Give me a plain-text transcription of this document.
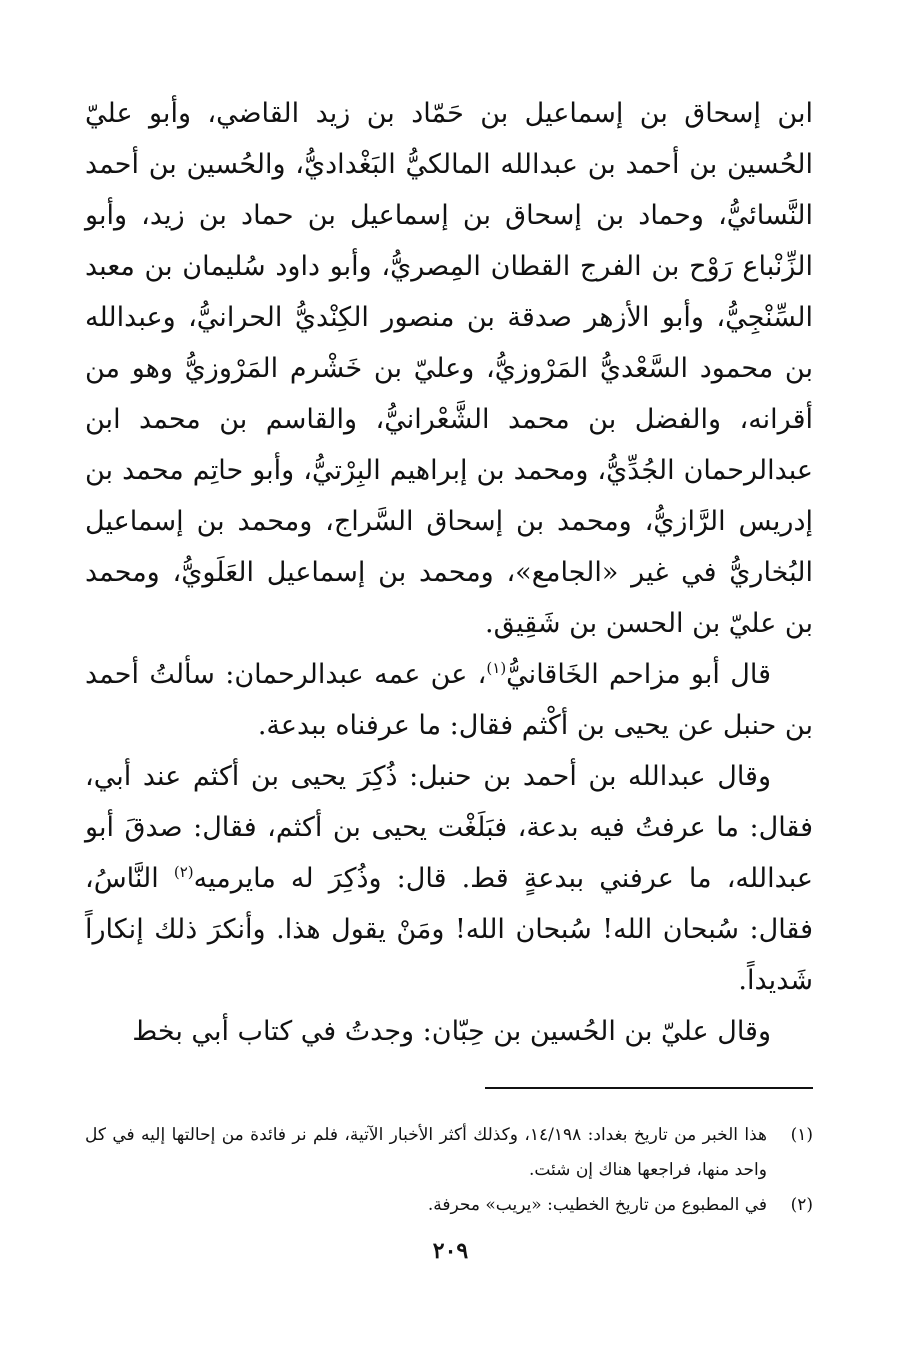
ابن إسحاق بن إسماعيل بن حَمّاد بن زيد القاضي، وأبو عليّ الحُسين بن أحمد بن عبدالله المالكيُّ البَغْداديُّ، والحُسين بن أحمد النَّسائيُّ، وحماد بن إسحاق بن إسماعيل بن حماد بن زيد، وأبو الزِّنْباع رَوْح بن الفرج القطان المِصريُّ، وأبو داود سُليمان بن معبد السِّنْجِيُّ، وأبو الأزهر صدقة بن منصور الكِنْديُّ الحرانيُّ، وعبدالله بن محمود السَّعْديُّ المَرْوزيُّ، وعليّ بن خَشْرم المَرْوزيُّ وهو من أقرانه، والفضل بن محمد الشَّعْرانيُّ، والقاسم بن محمد ابن عبدالرحمان الجُدِّيُّ، ومحمد بن إبراهيم البِرْتيُّ، وأبو حاتِم محمد بن إدريس الرَّازيُّ، ومحمد بن إسحاق السَّراج، ومحمد بن إسماعيل البُخاريُّ في غير «الجامع»، ومحمد بن إسماعيل العَلَويُّ، ومحمد بن عليّ بن الحسن بن شَقِيق.

قال أبو مزاحم الخَاقانيُّ$^{(١)}$، عن عمه عبدالرحمان: سألتُ أحمد بن حنبل عن يحيى بن أكْثم فقال: ما عرفناه ببدعة.

وقال عبدالله بن أحمد بن حنبل: ذُكِرَ يحيى بن أكثم عند أبي، فقال: ما عرفتُ فيه بدعة، فبَلَغْت يحيى بن أكثم، فقال: صدقَ أبو عبدالله، ما عرفني ببدعةٍ قط. قال: وذُكِرَ له مايرميه$^{(٢)}$ النَّاسُ، فقال: سُبحان الله! سُبحان الله! ومَنْ يقول هذا. وأنكرَ ذلك إنكاراً شَديداً.

وقال عليّ بن الحُسين بن حِبّان: وجدتُ في كتاب أبي بخط

(١)
هذا الخبر من تاريخ بغداد: ١٤/١٩٨، وكذلك أكثر الأخبار الآتية، فلم نر فائدة من إحالتها إليه في كل واحد منها، فراجعها هناك إن شئت.
(٢)
في المطبوع من تاريخ الخطيب: «يريب» محرفة.
٢٠٩
